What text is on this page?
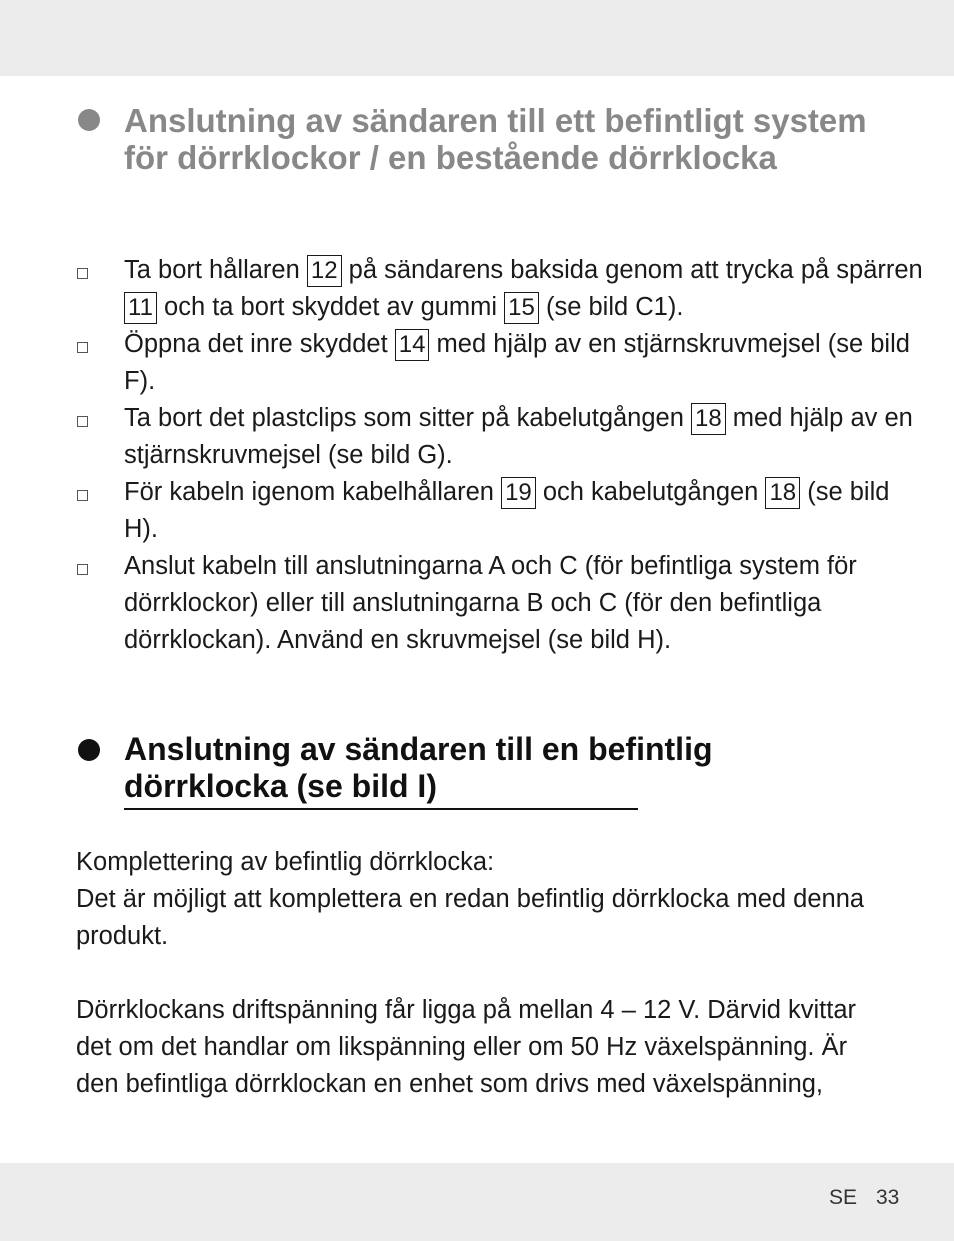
Anslutning av sändaren till ett befintligt system för dörrklockor / en bestående dörrklocka
Ta bort hållaren 12 på sändarens baksida genom att trycka på spärren 11 och ta bort skyddet av gummi 15 (se bild C1).
Öppna det inre skyddet 14 med hjälp av en stjärnskruvmejsel (se bild F).
Ta bort det plastclips som sitter på kabelutgången 18 med hjälp av en stjärnskruvmejsel (se bild G).
För kabeln igenom kabelhållaren 19 och kabelutgången 18 (se bild H).
Anslut kabeln till anslutningarna A och C (för befintliga system för dörrklockor) eller till anslutningarna B och C (för den befintliga dörrklockan). Använd en skruvmejsel (se bild H).
Anslutning av sändaren till en befintlig dörrklocka (se bild I)
Komplettering av befintlig dörrklocka:
Det är möjligt att komplettera en redan befintlig dörrklocka med denna produkt.

Dörrklockans driftspänning får ligga på mellan 4 – 12 V. Därvid kvittar det om det handlar om likspänning eller om 50 Hz växelspänning. Är den befintliga dörrklockan en enhet som drivs med växelspänning,

SE 33
